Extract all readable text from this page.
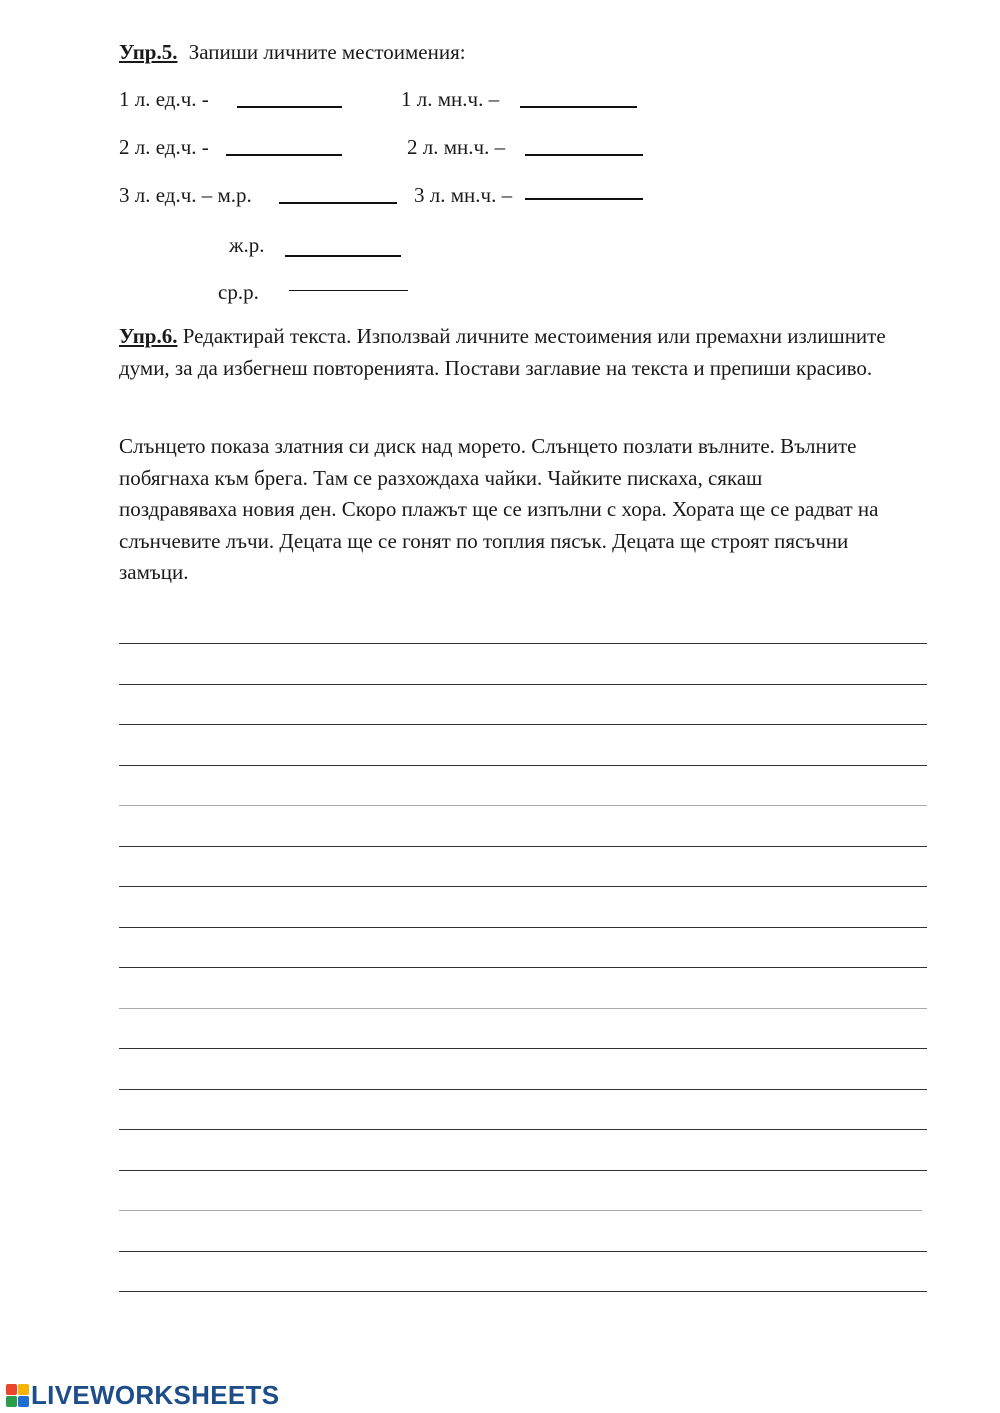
Упр.5. Запиши личните местоимения:
1 л. ед.ч. -	1 л. мн.ч. –
2 л. ед.ч. -	2 л. мн.ч. –
3 л. ед.ч. – м.р.	3 л. мн.ч. –
ж.р.
ср.р.
Упр.6. Редактирай текста. Използвай личните местоимения или премахни излишните думи, за да избегнеш повторенията. Постави заглавие на текста и препиши красиво.
Слънцето показа златния си диск над морето. Слънцето позлати вълните. Вълните побягнаха към брега. Там се разхождаха чайки. Чайките пискаха, сякаш поздравяваха новия ден. Скоро плажът ще се изпълни с хора. Хората ще се радват на слънчевите лъчи. Децата ще се гонят по топлия пясък. Децата ще строят пясъчни замъци.
LIVEWORKSHEETS
